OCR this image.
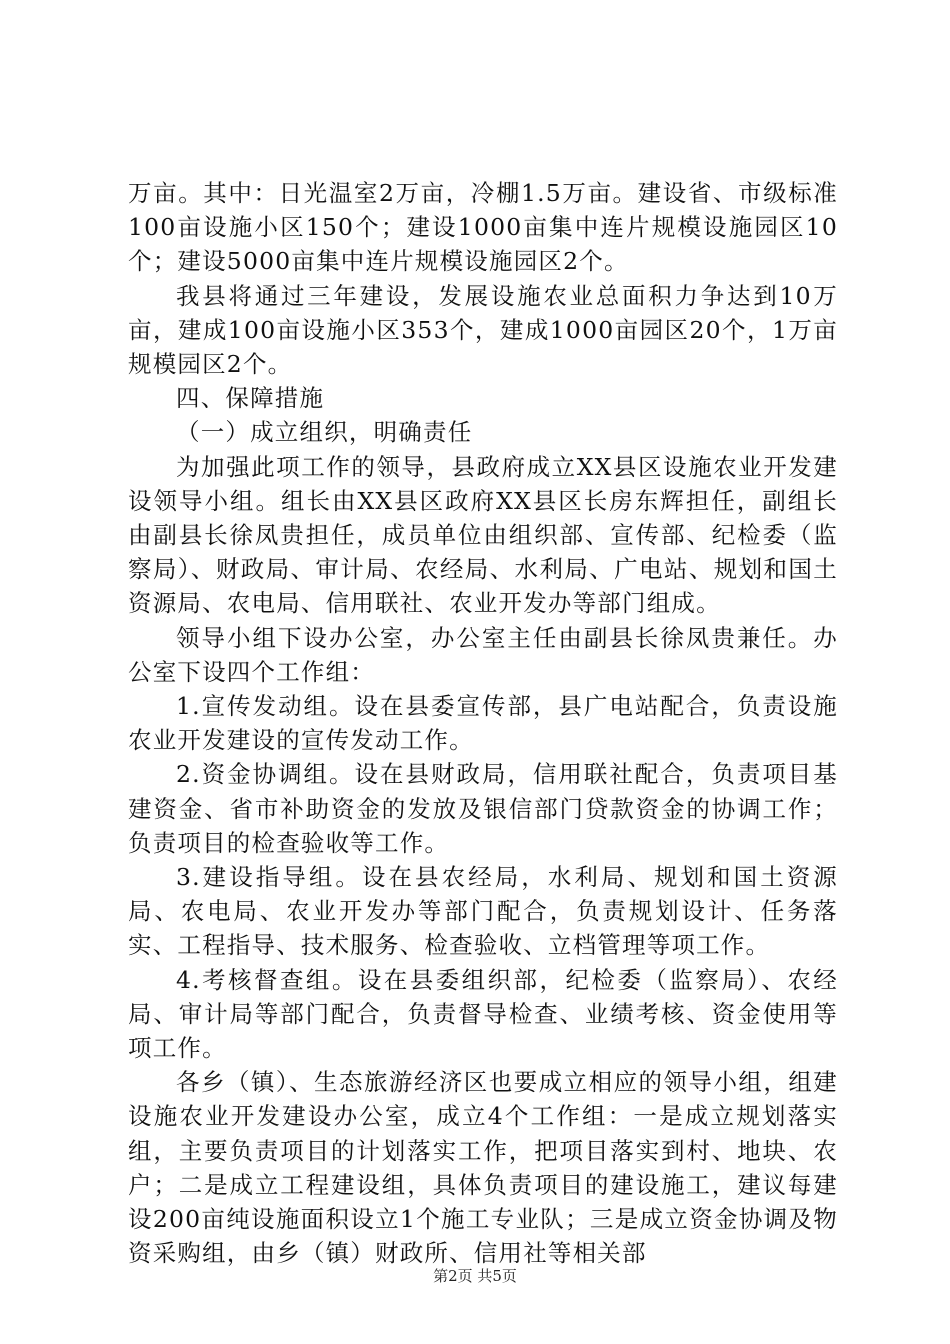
万亩。其中：日光温室2万亩，冷棚1.5万亩。建设省、市级标准100亩设施小区150个；建设1000亩集中连片规模设施园区10个；建设5000亩集中连片规模设施园区2个。

我县将通过三年建设，发展设施农业总面积力争达到10万亩，建成100亩设施小区353个，建成1000亩园区20个，1万亩规模园区2个。

四、保障措施

（一）成立组织，明确责任

为加强此项工作的领导，县政府成立XX县区设施农业开发建设领导小组。组长由XX县区政府XX县区长房东辉担任，副组长由副县长徐凤贵担任，成员单位由组织部、宣传部、纪检委（监察局）、财政局、审计局、农经局、水利局、广电站、规划和国土资源局、农电局、信用联社、农业开发办等部门组成。

领导小组下设办公室，办公室主任由副县长徐凤贵兼任。办公室下设四个工作组：

1.宣传发动组。设在县委宣传部，县广电站配合，负责设施农业开发建设的宣传发动工作。

2.资金协调组。设在县财政局，信用联社配合，负责项目基建资金、省市补助资金的发放及银信部门贷款资金的协调工作；负责项目的检查验收等工作。

3.建设指导组。设在县农经局，水利局、规划和国土资源局、农电局、农业开发办等部门配合，负责规划设计、任务落实、工程指导、技术服务、检查验收、立档管理等项工作。

4.考核督查组。设在县委组织部，纪检委（监察局）、农经局、审计局等部门配合，负责督导检查、业绩考核、资金使用等项工作。

各乡（镇）、生态旅游经济区也要成立相应的领导小组，组建设施农业开发建设办公室，成立4个工作组：一是成立规划落实组，主要负责项目的计划落实工作，把项目落实到村、地块、农户；二是成立工程建设组，具体负责项目的建设施工，建议每建设200亩纯设施面积设立1个施工专业队；三是成立资金协调及物资采购组，由乡（镇）财政所、信用社等相关部

第2页 共5页
